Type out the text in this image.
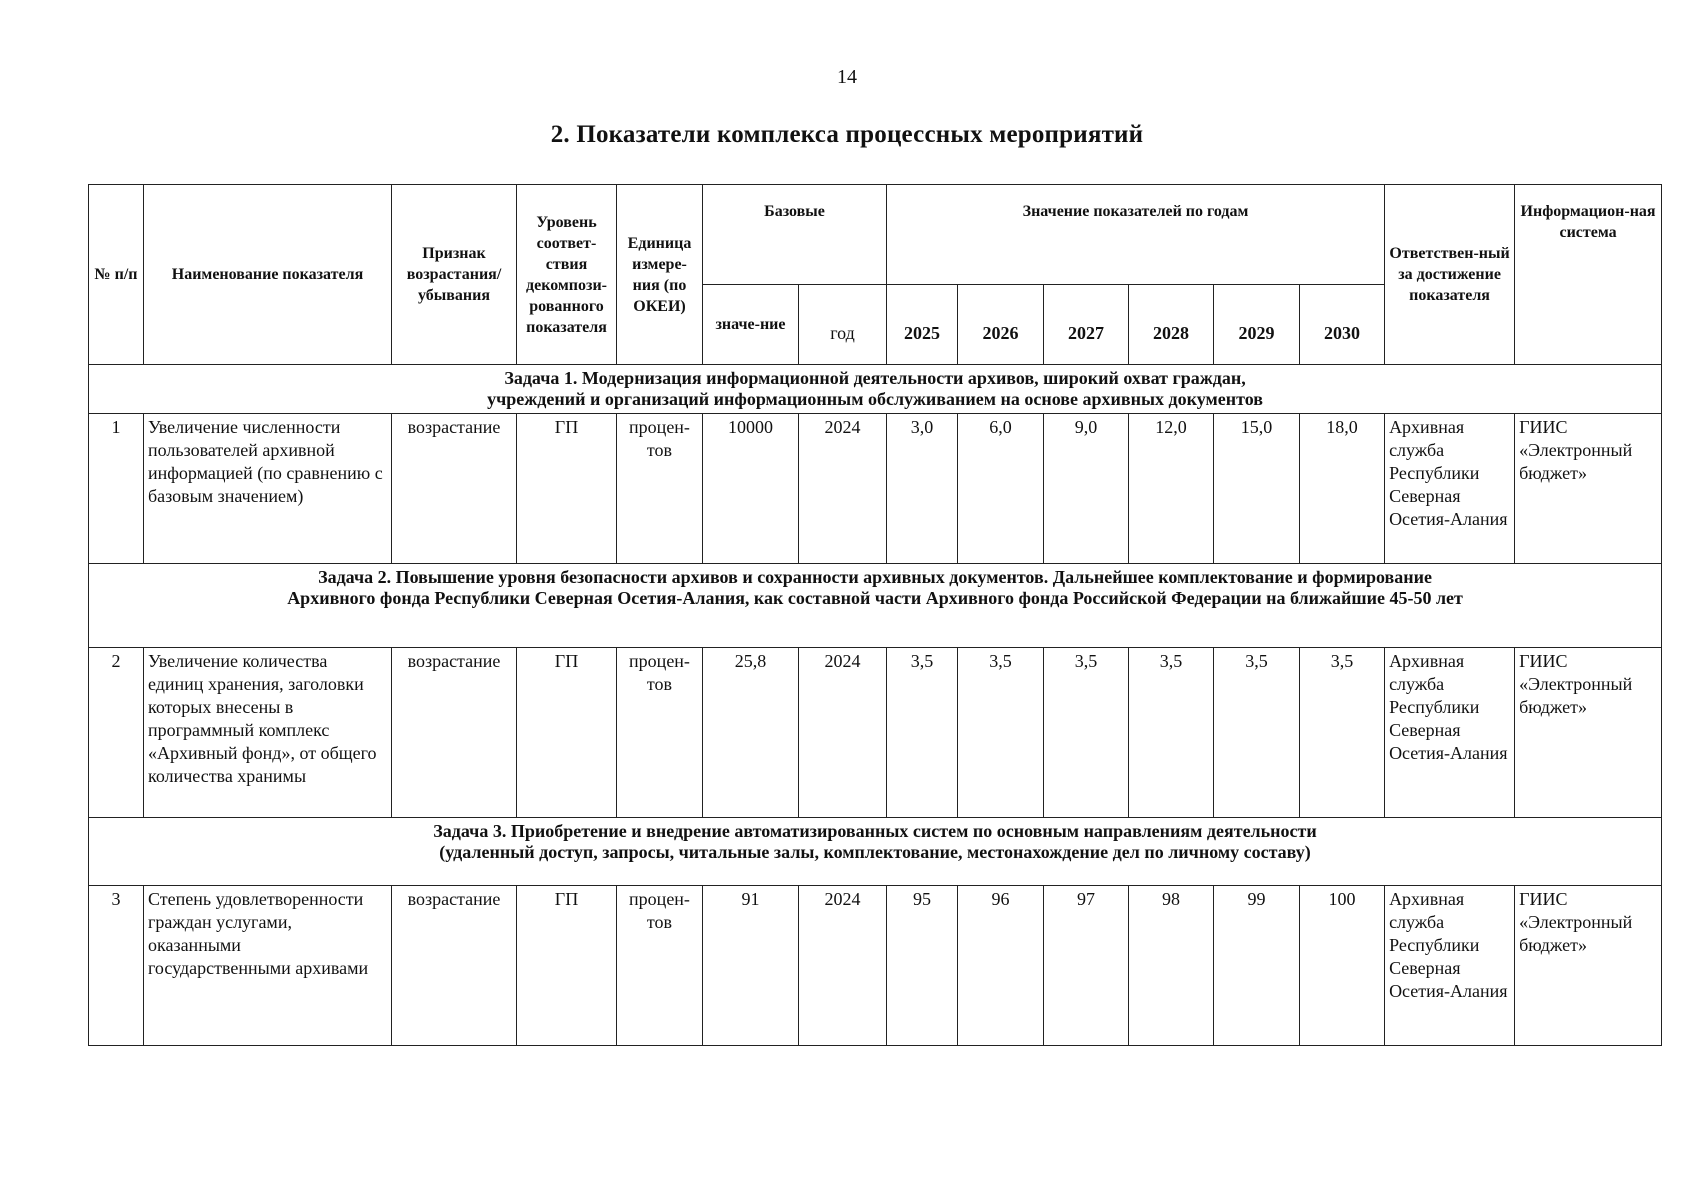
14
2. Показатели комплекса процессных мероприятий
№ п/п	Наименование показателя	Признак возрастания/ убывания	Уровень соответ-ствия декомпози-рованного показателя	Единица измере-ния (по ОКЕИ)	Базовые		Значение показателей по годам						Ответствен-ный за достижение показателя	Информацион-ная система
					значе-ние	год	2025	2026	2027	2028	2029	2030		

Задача 1. Модернизация информационной деятельности архивов, широкий охват граждан,
учреждений и организаций информационным обслуживанием на основе архивных документов														

1	Увеличение численности пользователей архивной информацией (по сравнению с базовым значением)	возрастание	ГП	процен-тов	10000	2024	3,0	6,0	9,0	12,0	15,0	18,0	Архивная служба Республики Северная Осетия-Алания	ГИИС «Электронный бюджет»

Задача 2. Повышение уровня безопасности архивов и сохранности архивных документов. Дальнейшее комплектование и формирование
Архивного фонда Республики Северная Осетия-Алания, как составной части Архивного фонда Российской Федерации на ближайшие 45-50 лет														

2	Увеличение количества единиц хранения, заголовки которых внесены в программный комплекс «Архивный фонд», от общего количества хранимы	возрастание	ГП	процен-тов	25,8	2024	3,5	3,5	3,5	3,5	3,5	3,5	Архивная служба Республики Северная Осетия-Алания	ГИИС «Электронный бюджет»

Задача 3. Приобретение и внедрение автоматизированных систем по основным направлениям деятельности
(удаленный доступ, запросы, читальные залы, комплектование, местонахождение дел по личному составу)														

3	Степень удовлетворенности граждан услугами, оказанными государственными архивами	возрастание	ГП	процен-тов	91	2024	95	96	97	98	99	100	Архивная служба Республики Северная Осетия-Алания	ГИИС «Электронный бюджет»
